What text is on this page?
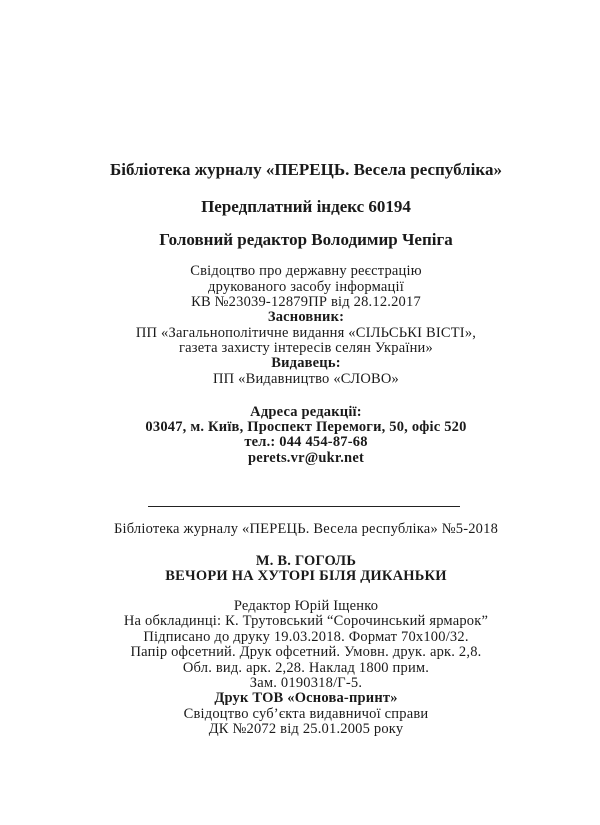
Бібліотека журналу «ПЕРЕЦЬ. Весела республіка»
Передплатний індекс 60194
Головний редактор Володимир Чепіга
Свідоцтво про державну реєстрацію
друкованого засобу інформації
КВ №23039-12879ПР від 28.12.2017
Засновник:
ПП «Загальнополітичне видання «СІЛЬСЬКІ ВІСТІ»,
газета захисту інтересів селян України»
Видавець:
ПП «Видавництво «СЛОВО»
Адреса редакції:
03047, м. Київ, Проспект Перемоги, 50, офіс 520
тел.: 044 454-87-68
perets.vr@ukr.net
Бібліотека журналу «ПЕРЕЦЬ. Весела республіка» №5-2018
М. В. ГОГОЛЬ
ВЕЧОРИ НА ХУТОРІ БІЛЯ ДИКАНЬКИ
Редактор Юрій Іщенко
На обкладинці: К. Трутовський “Сорочинський ярмарок”
Підписано до друку 19.03.2018. Формат 70х100/32.
Папір офсетний. Друк офсетний. Умовн. друк. арк. 2,8.
Обл. вид. арк. 2,28. Наклад 1800 прим.
Зам. 0190318/Г-5.
Друк ТОВ «Основа-принт»
Свідоцтво суб’єкта видавничої справи
ДК №2072 від 25.01.2005 року
